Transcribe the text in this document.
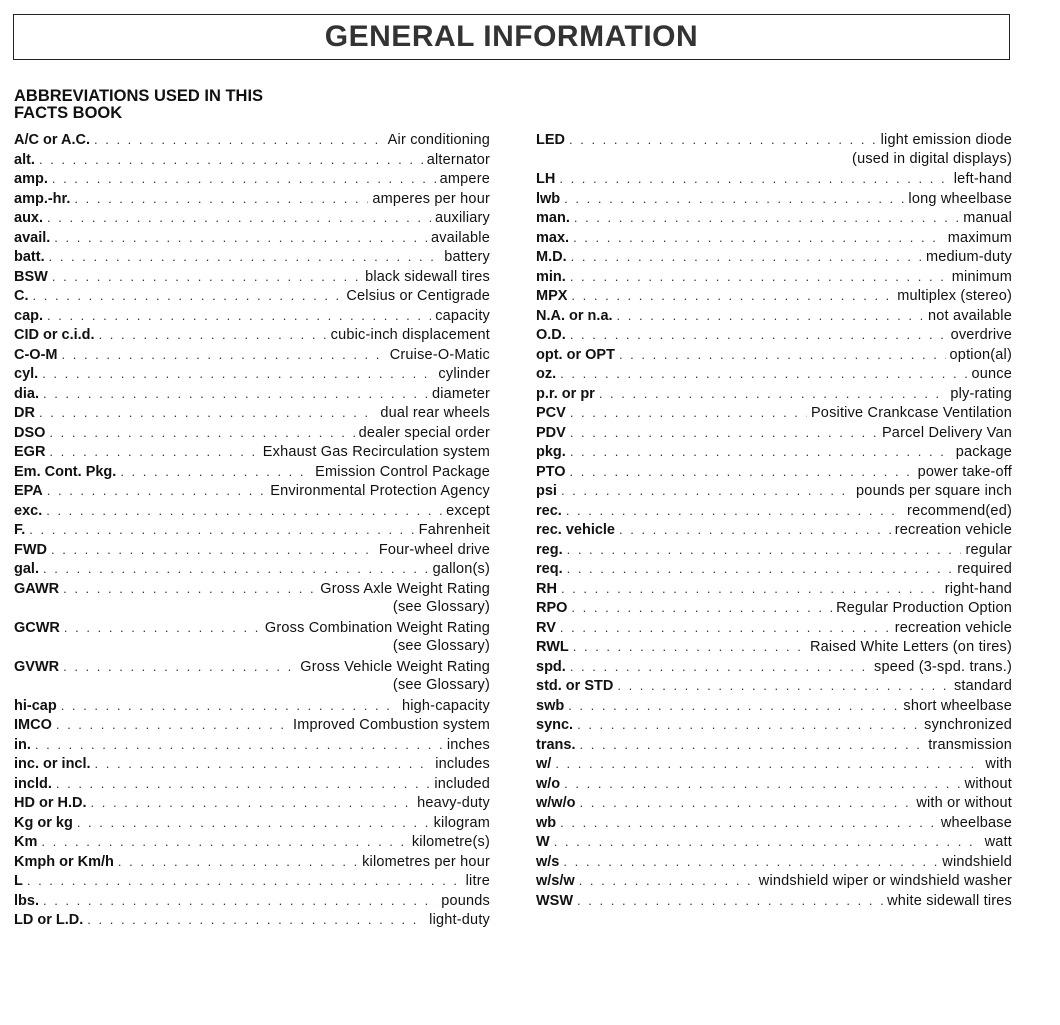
GENERAL INFORMATION
ABBREVIATIONS USED IN THIS
FACTS BOOK
A/C or A.C. . . .	Air conditioning
alt. . . .	alternator
amp. . . .	ampere
amp.-hr. . . .	amperes per hour
aux. . . .	auxiliary
avail. . . .	available
batt. . . .	battery
BSW . . .	black sidewall tires
C. . . .	Celsius or Centigrade
cap. . . .	capacity
CID or c.i.d. . . .	cubic-inch displacement
C-O-M . . .	Cruise-O-Matic
cyl. . . .	cylinder
dia. . . .	diameter
DR . . .	dual rear wheels
DSO . . .	dealer special order
EGR . . .	Exhaust Gas Recirculation system
Em. Cont. Pkg. . . .	Emission Control Package
EPA . . .	Environmental Protection Agency
exc. . . .	except
F. . . .	Fahrenheit
FWD . . .	Four-wheel drive
gal. . . .	gallon(s)
GAWR . . .	Gross Axle Weight Rating
(see Glossary)
GCWR . . .	Gross Combination Weight Rating
(see Glossary)
GVWR . . .	Gross Vehicle Weight Rating
(see Glossary)
hi-cap . . .	high-capacity
IMCO . . .	Improved Combustion system
in. . . .	inches
inc. or incl. . . .	includes
incld. . . .	included
HD or H.D. . . .	heavy-duty
Kg or kg . . .	kilogram
Km . . .	kilometre(s)
Kmph or Km/h . . .	kilometres per hour
L . . .	litre
lbs. . . .	pounds
LD or L.D. . . .	light-duty
LED . . .	light emission diode
(used in digital displays)
LH . . .	left-hand
lwb . . .	long wheelbase
man. . . .	manual
max. . . .	maximum
M.D. . . .	medium-duty
min. . . .	minimum
MPX . . .	multiplex (stereo)
N.A. or n.a. . . .	not available
O.D. . . .	overdrive
opt. or OPT . . .	option(al)
oz. . . .	ounce
p.r. or pr . . .	ply-rating
PCV . . .	Positive Crankcase Ventilation
PDV . . .	Parcel Delivery Van
pkg. . . .	package
PTO . . .	power take-off
psi . . .	pounds per square inch
rec. . . .	recommend(ed)
rec. vehicle . . .	recreation vehicle
reg. . . .	regular
req. . . .	required
RH . . .	right-hand
RPO . . .	Regular Production Option
RV . . .	recreation vehicle
RWL . . .	Raised White Letters (on tires)
spd. . . .	speed (3-spd. trans.)
std. or STD . . .	standard
swb . . .	short wheelbase
sync. . . .	synchronized
trans. . . .	transmission
w/ . . .	with
w/o . . .	without
w/w/o . . .	with or without
wb . . .	wheelbase
W . . .	watt
w/s . . .	windshield
w/s/w . . .	windshield wiper or windshield washer
WSW . . .	white sidewall tires
